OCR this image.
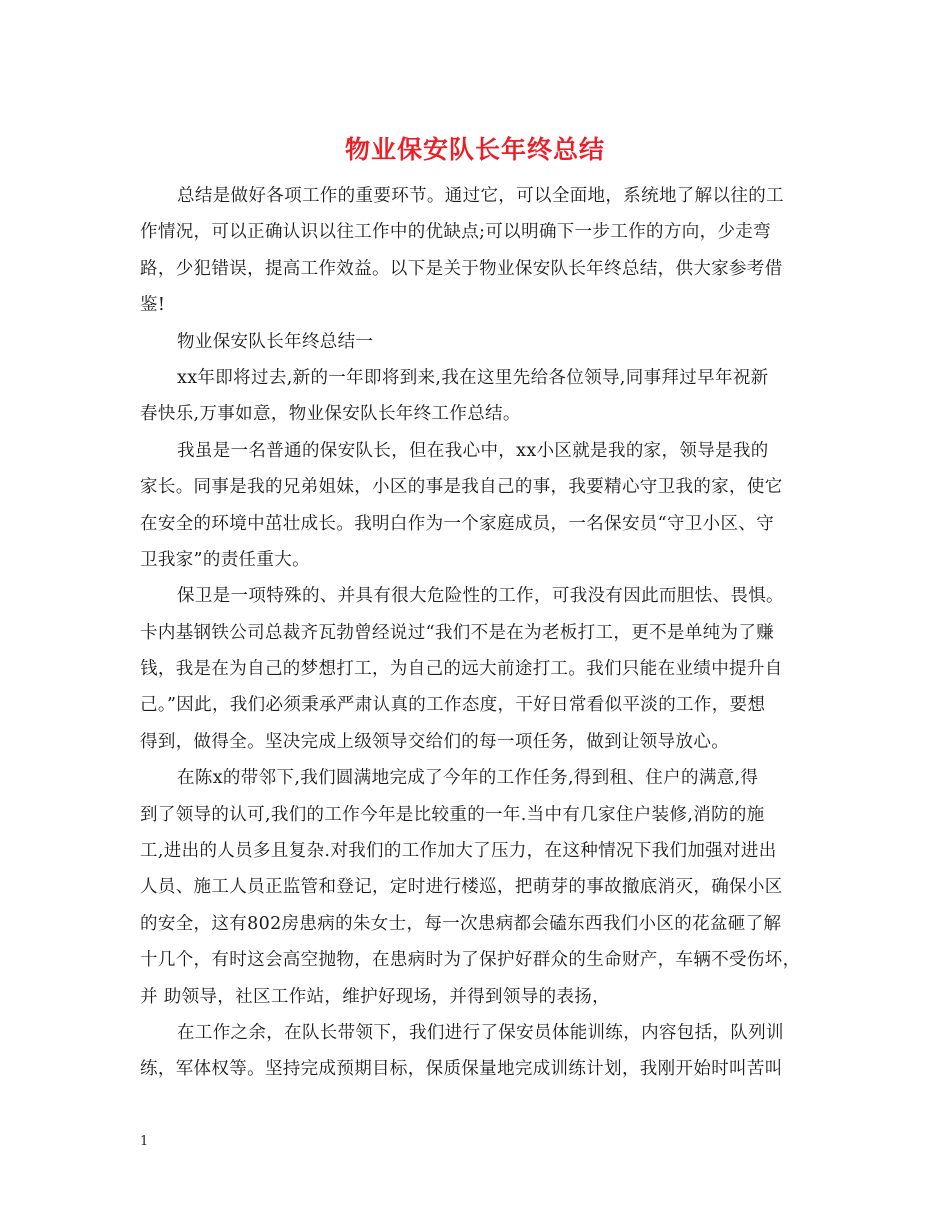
物业保安队长年终总结
总结是做好各项工作的重要环节。通过它，可以全面地，系统地了解以往的工
作情况，可以正确认识以往工作中的优缺点;可以明确下一步工作的方向，少走弯
路，少犯错误，提高工作效益。以下是关于物业保安队长年终总结，供大家参考借
鉴!
物业保安队长年终总结一
xx年即将过去,新的一年即将到来,我在这里先给各位领导,同事拜过早年祝新
春快乐,万事如意，物业保安队长年终工作总结。
我虽是一名普通的保安队长，但在我心中，xx小区就是我的家，领导是我的
家长。同事是我的兄弟姐妹，小区的事是我自己的事，我要精心守卫我的家，使它
在安全的环境中茁壮成长。我明白作为一个家庭成员，一名保安员“守卫小区、守
卫我家”的责任重大。
保卫是一项特殊的、并具有很大危险性的工作，可我没有因此而胆怯、畏惧。
卡内基钢铁公司总裁齐瓦勃曾经说过“我们不是在为老板打工，更不是单纯为了赚
钱，我是在为自己的梦想打工，为自己的远大前途打工。我们只能在业绩中提升自
己。”因此，我们必须秉承严肃认真的工作态度，干好日常看似平淡的工作，要想
得到，做得全。坚决完成上级领导交给们的每一项任务，做到让领导放心。
在陈x的带邻下,我们圆满地完成了今年的工作任务,得到租、住户的满意,得
到了领导的认可,我们的工作今年是比较重的一年.当中有几家住户装修,消防的施
工,进出的人员多且复杂.对我们的工作加大了压力，在这种情况下我们加强对进出
人员、施工人员正监管和登记，定时进行楼巡，把萌芽的事故撤底消灭，确保小区
的安全，这有802房患病的朱女士，每一次患病都会磕东西我们小区的花盆砸了解
十几个，有时这会高空抛物，在患病时为了保护好群众的生命财产，车辆不受伤坏，
并 助领导，社区工作站，维护好现场，并得到领导的表扬，
在工作之余，在队长带领下，我们进行了保安员体能训练，内容包括，队列训
练，军体权等。坚持完成预期目标，保质保量地完成训练计划，我刚开始时叫苦叫
1
